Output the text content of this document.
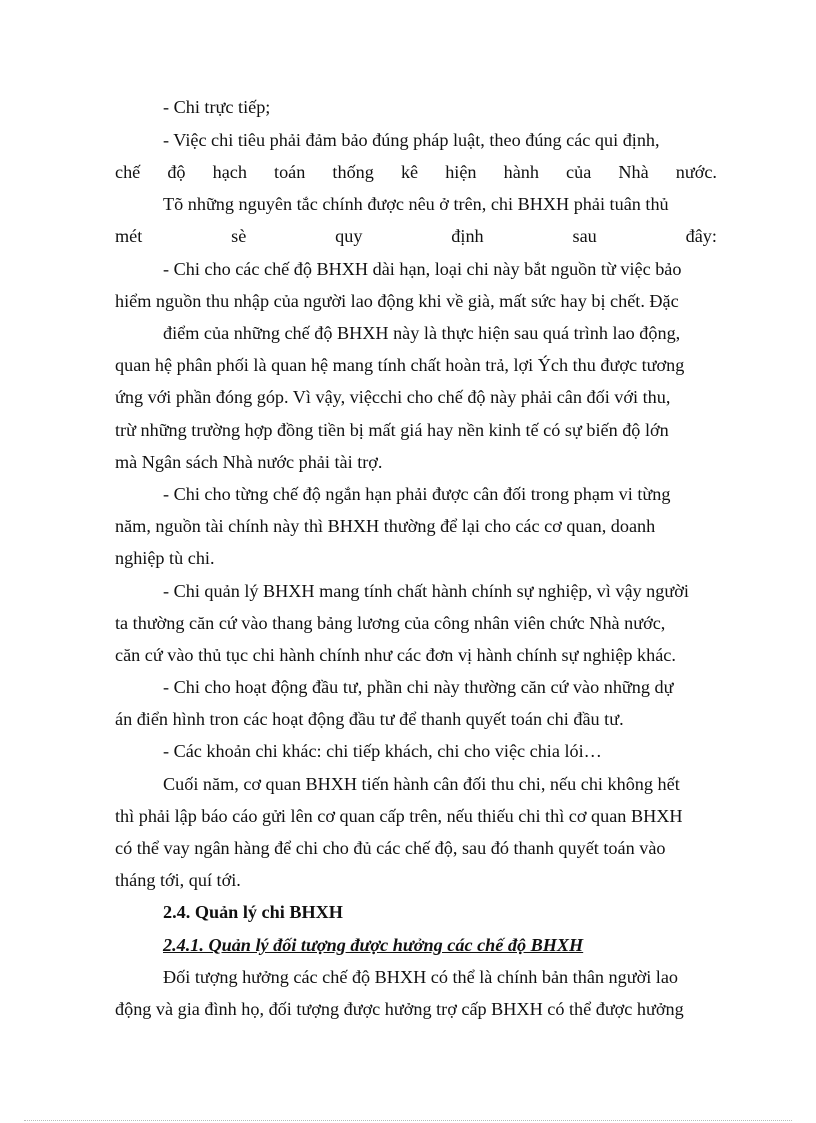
- Chi trực tiếp;

- Việc chi tiêu phải đảm bảo đúng pháp luật, theo đúng các qui định,

chế độ hạch toán thống kê hiện hành của Nhà nước.

Tõ những nguyên tắc chính được nêu ở trên, chi BHXH phải tuân thủ

mét	sè	quy	định	sau	đây:

- Chi cho các chế độ BHXH dài hạn, loại chi này bắt nguồn từ việc bảo

hiểm nguồn thu nhập của người lao động khi về già, mất sức hay bị chết. Đặc

điểm của những chế độ BHXH này là thực hiện sau quá trình lao động,

quan hệ phân phối là quan hệ mang tính chất hoàn trả, lợi Ých thu được tương

ứng với phần đóng góp. Vì vậy, việcchi cho chế độ này phải cân đối với thu,

trừ những trường hợp đồng tiền bị mất giá hay nền kinh tế có sự biến độ lớn

mà Ngân sách Nhà nước phải tài trợ.

- Chi cho từng chế độ ngắn hạn phải được cân đối trong phạm vi từng

năm, nguồn tài chính này thì BHXH thường để lại cho các cơ quan, doanh

nghiệp tù chi.

- Chi quản lý BHXH mang tính chất hành chính sự nghiệp, vì vậy người

ta thường căn cứ vào thang bảng lương của công nhân viên chức Nhà nước,

căn cứ vào thủ tục chi hành chính như các đơn vị hành chính sự nghiệp khác.

- Chi cho hoạt động đầu tư, phần chi này thường căn cứ vào những dự

án điển hình tron các hoạt động đầu tư để thanh quyết toán chi đầu tư.

- Các khoản chi khác: chi tiếp khách, chi cho việc chia lói…

Cuối năm, cơ quan BHXH tiến hành cân đối thu chi, nếu chi không hết

thì phải lập báo cáo gửi lên cơ quan cấp trên, nếu thiếu chi thì cơ quan BHXH

có thể vay ngân hàng để chi cho đủ các chế độ, sau đó thanh quyết toán vào

tháng tới, quí tới.

2.4. Quản lý chi BHXH

2.4.1. Quản lý đối tượng được hưởng các chế độ BHXH

Đối tượng hưởng các chế độ BHXH có thể là chính bản thân người lao

động và gia đình họ, đối tượng được hưởng trợ cấp BHXH có thể được hưởng
